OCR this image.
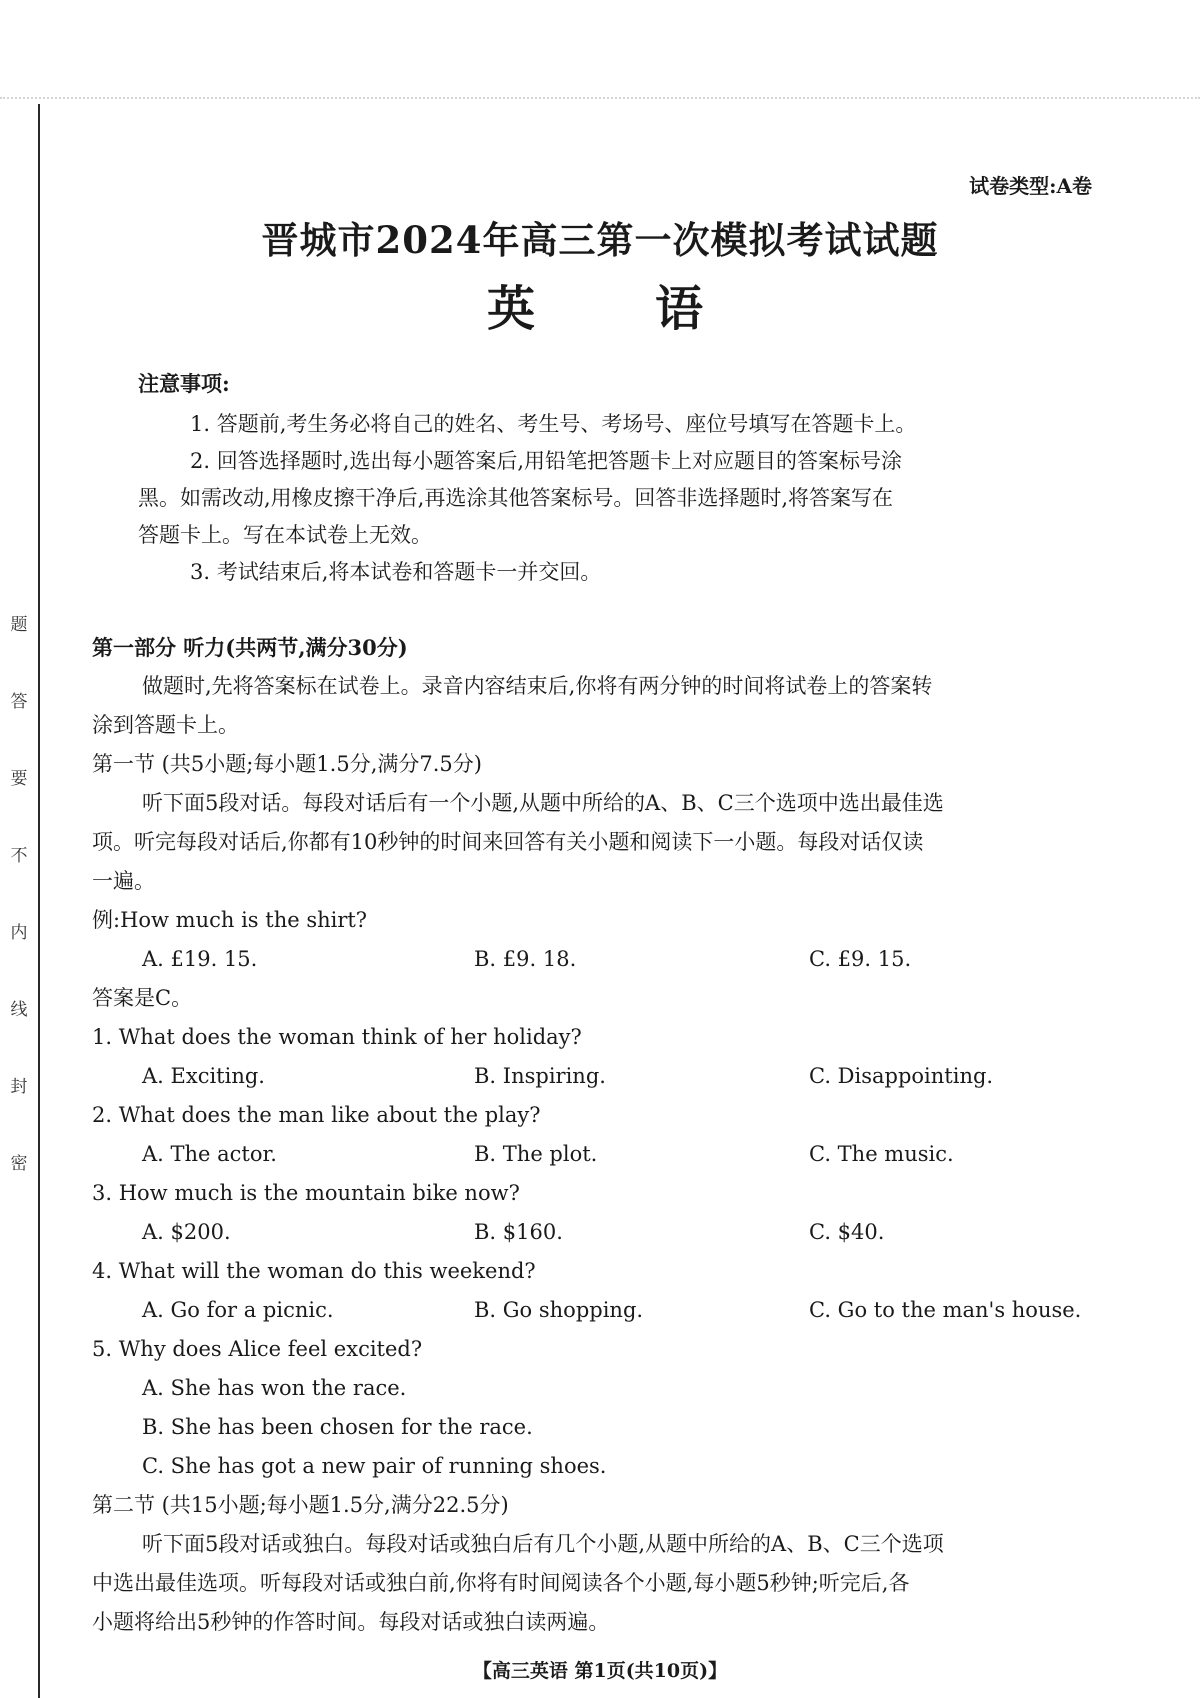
题
答
要
不
内
线
封
密
试卷类型:A卷
晋城市2024年高三第一次模拟考试试题
英语
注意事项:

1. 答题前,考生务必将自己的姓名、考生号、考场号、座位号填写在答题卡上。

2. 回答选择题时,选出每小题答案后,用铅笔把答题卡上对应题目的答案标号涂

黑。如需改动,用橡皮擦干净后,再选涂其他答案标号。回答非选择题时,将答案写在

答题卡上。写在本试卷上无效。

3. 考试结束后,将本试卷和答题卡一并交回。

第一部分 听力(共两节,满分30分)

做题时,先将答案标在试卷上。录音内容结束后,你将有两分钟的时间将试卷上的答案转

涂到答题卡上。

第一节 (共5小题;每小题1.5分,满分7.5分)

听下面5段对话。每段对话后有一个小题,从题中所给的A、B、C三个选项中选出最佳选

项。听完每段对话后,你都有10秒钟的时间来回答有关小题和阅读下一小题。每段对话仅读

一遍。

例:How much is the shirt?

A. £19. 15.	B. £9. 18.	C. £9. 15.

答案是C。

1. What does the woman think of her holiday?

A. Exciting.	B. Inspiring.	C. Disappointing.

2. What does the man like about the play?

A. The actor.	B. The plot.	C. The music.

3. How much is the mountain bike now?

A. $200.	B. $160.	C. $40.

4. What will the woman do this weekend?

A. Go for a picnic.	B. Go shopping.	C. Go to the man's house.

5. Why does Alice feel excited?

A. She has won the race.
B. She has been chosen for the race.
C. She has got a new pair of running shoes.

第二节 (共15小题;每小题1.5分,满分22.5分)

听下面5段对话或独白。每段对话或独白后有几个小题,从题中所给的A、B、C三个选项

中选出最佳选项。听每段对话或独白前,你将有时间阅读各个小题,每小题5秒钟;听完后,各

小题将给出5秒钟的作答时间。每段对话或独白读两遍。

【高三英语 第1页(共10页)】
